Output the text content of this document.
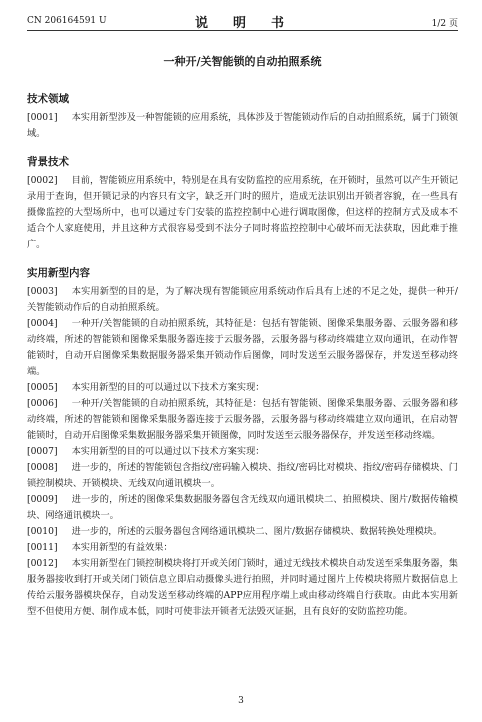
CN 206164591 U	说　明　书	1/2 页
一种开/关智能锁的自动拍照系统
技术领域

[0001] 本实用新型涉及一种智能锁的应用系统，具体涉及于智能锁动作后的自动拍照系统，属于门锁领域。

背景技术

[0002] 目前，智能锁应用系统中，特别是在具有安防监控的应用系统，在开锁时，虽然可以产生开锁记录用于查询，但开锁记录的内容只有文字，缺乏开门时的照片，造成无法识别出开锁者容貌，在一些具有摄像监控的大型场所中，也可以通过专门安装的监控控制中心进行调取图像，但这样的控制方式及成本不适合个人家庭使用，并且这种方式很容易受到不法分子同时将监控控制中心破坏而无法获取，因此难于推广。

实用新型内容

[0003] 本实用新型的目的是，为了解决现有智能锁应用系统动作后具有上述的不足之处，提供一种开/关智能锁动作后的自动拍照系统。

[0004] 一种开/关智能锁的自动拍照系统，其特征是：包括有智能锁、图像采集服务器、云服务器和移动终端，所述的智能锁和图像采集服务器连接于云服务器，云服务器与移动终端建立双向通讯，在动作智能锁时，自动开启图像采集数据服务器采集开锁动作后图像，同时发送至云服务器保存，并发送至移动终端。

[0005] 本实用新型的目的可以通过以下技术方案实现：

[0006] 一种开/关智能锁的自动拍照系统，其特征是：包括有智能锁、图像采集服务器、云服务器和移动终端，所述的智能锁和图像采集服务器连接于云服务器，云服务器与移动终端建立双向通讯，在启动智能锁时，自动开启图像采集数据服务器采集开锁图像，同时发送至云服务器保存，并发送至移动终端。

[0007] 本实用新型的目的可以通过以下技术方案实现：

[0008] 进一步的，所述的智能锁包含指纹/密码输入模块、指纹/密码比对模块、指纹/密码存储模块、门锁控制模块、开锁模块、无线双向通讯模块一。

[0009] 进一步的，所述的图像采集数据服务器包含无线双向通讯模块二、拍照模块、图片/数据传输模块、网络通讯模块一。

[0010] 进一步的，所述的云服务器包含网络通讯模块二、图片/数据存储模块、数据转换处理模块。

[0011] 本实用新型的有益效果：

[0012] 本实用新型在门锁控制模块将打开或关闭门锁时，通过无线技术模块自动发送至采集服务器，集服务器接收到打开或关闭门锁信息立即启动摄像头进行拍照，并同时通过图片上传模块将照片数据信息上传给云服务器模块保存，自动发送至移动终端的APP应用程序端上或由移动终端自行获取。由此本实用新型不但使用方便、制作成本低，同时可使非法开锁者无法毁灭证据，且有良好的安防监控功能。

3
